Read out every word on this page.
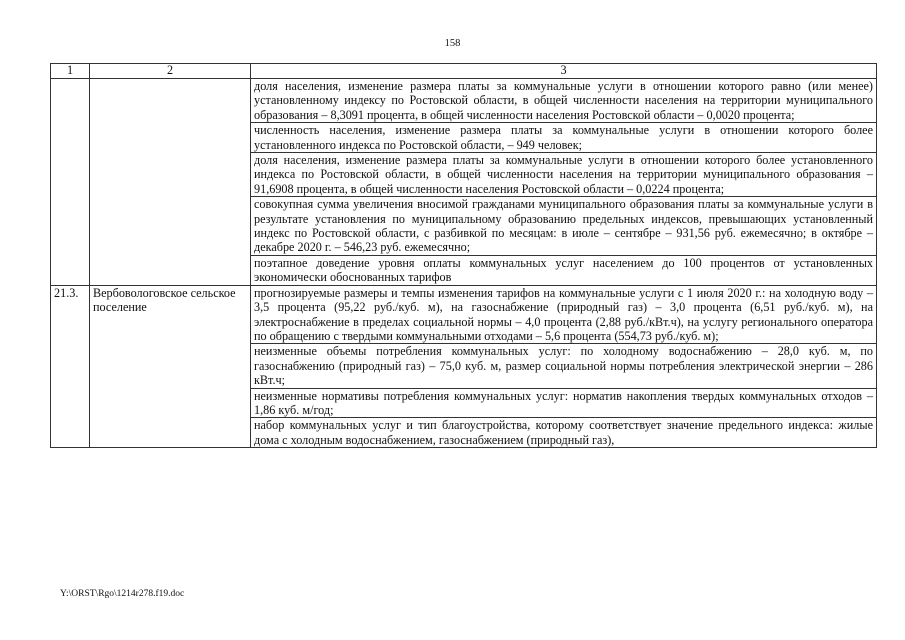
158
1	2	3

		доля населения, изменение размера платы за коммунальные услуги в отношении которого равно (или менее) установленному индексу по Ростовской области, в общей численности населения на территории муниципального образования – 8,3091 процента, в общей численности населения Ростовской области – 0,0020 процента;
численность населения, изменение размера платы за коммунальные услуги в отношении которого более установленного индекса по Ростовской области, – 949 человек;
доля населения, изменение размера платы за коммунальные услуги в отношении которого более установленного индекса по Ростовской области, в общей численности населения на территории муниципального образования – 91,6908 процента, в общей численности населения Ростовской области – 0,0224 процента;
совокупная сумма увеличения вносимой гражданами муниципального образования платы за коммунальные услуги в результате установления по муниципальному образованию предельных индексов, превышающих установленный индекс по Ростовской области, с разбивкой по месяцам: в июле – сентябре – 931,56 руб. ежемесячно; в октябре – декабре 2020 г. – 546,23 руб. ежемесячно;
поэтапное доведение уровня оплаты коммунальных услуг населением до 100 процентов от установленных экономически обоснованных тарифов

21.3.	Вербовологовское сельское поселение	прогнозируемые размеры и темпы изменения тарифов на коммунальные услуги с 1 июля 2020 г.: на холодную воду – 3,5 процента (95,22 руб./куб. м), на газоснабжение (природный газ) – 3,0 процента (6,51 руб./куб. м), на электроснабжение в пределах социальной нормы – 4,0 процента (2,88 руб./кВт.ч), на услугу регионального оператора по обращению с твердыми коммунальными отходами – 5,6 процента (554,73 руб./куб. м);
неизменные объемы потребления коммунальных услуг: по холодному водоснабжению – 28,0 куб. м, по газоснабжению (природный газ) – 75,0 куб. м, размер социальной нормы потребления электрической энергии – 286 кВт.ч;
неизменные нормативы потребления коммунальных услуг: норматив накопления твердых коммунальных отходов – 1,86 куб. м/год;
набор коммунальных услуг и тип благоустройства, которому соответствует значение предельного индекса: жилые дома с холодным водоснабжением, газоснабжением (природный газ),
Y:\ORST\Rgo\1214r278.f19.doc
